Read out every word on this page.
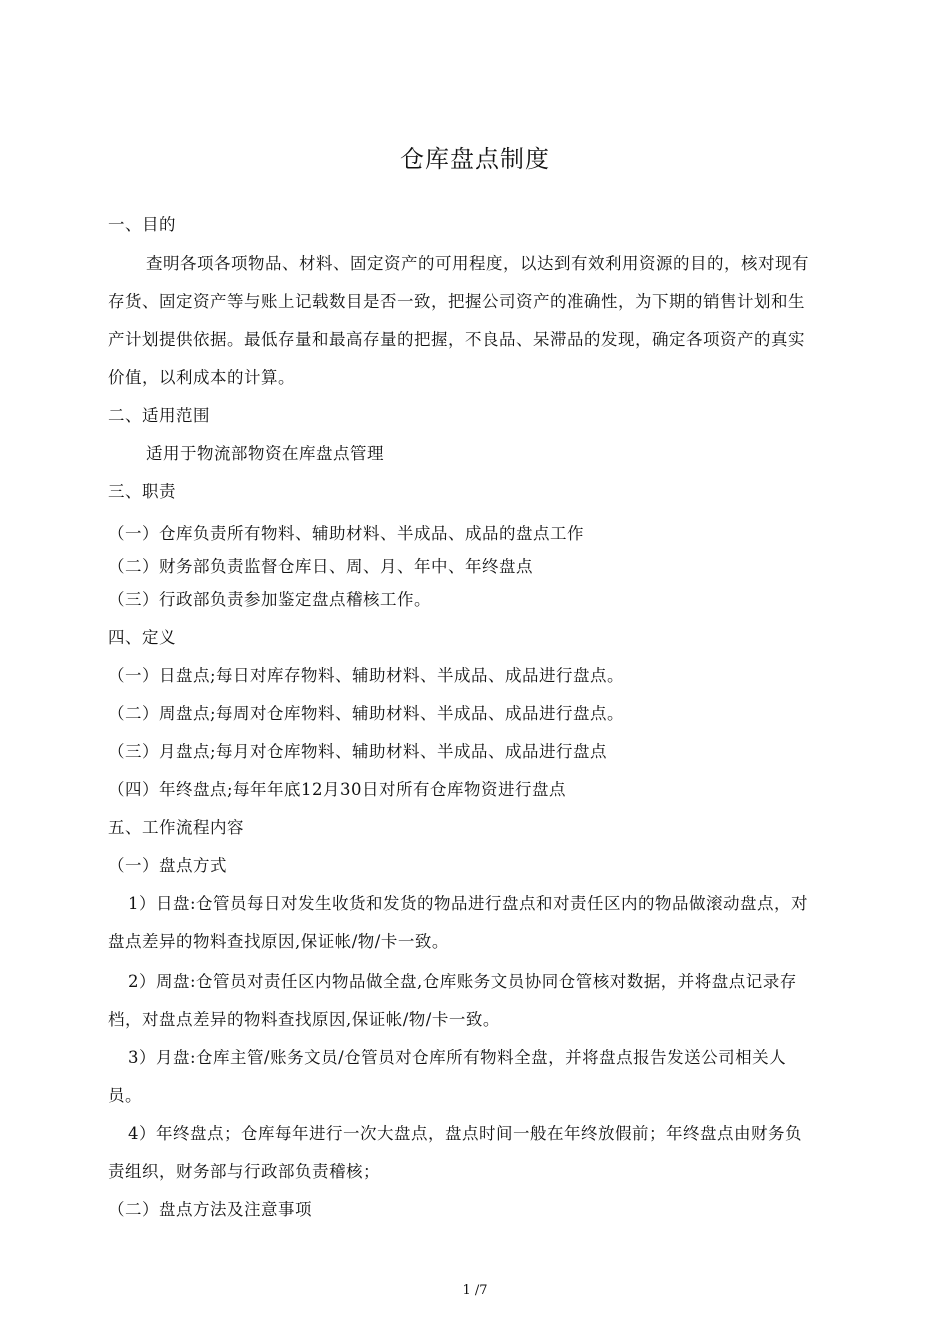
仓库盘点制度
一、目的
查明各项各项物品、材料、固定资产的可用程度，以达到有效利用资源的目的，核对现有
存货、固定资产等与账上记载数目是否一致，把握公司资产的准确性，为下期的销售计划和生
产计划提供依据。最低存量和最高存量的把握，不良品、呆滞品的发现，确定各项资产的真实
价值，以利成本的计算。
二、适用范围
适用于物流部物资在库盘点管理
三、职责
（一）仓库负责所有物料、辅助材料、半成品、成品的盘点工作
（二）财务部负责监督仓库日、周、月、年中、年终盘点
（三）行政部负责参加鉴定盘点稽核工作。
四、定义
（一）日盘点;每日对库存物料、辅助材料、半成品、成品进行盘点。
（二）周盘点;每周对仓库物料、辅助材料、半成品、成品进行盘点。
（三）月盘点;每月对仓库物料、辅助材料、半成品、成品进行盘点
（四）年终盘点;每年年底12月30日对所有仓库物资进行盘点
五、工作流程内容
（一）盘点方式
1）日盘:仓管员每日对发生收货和发货的物品进行盘点和对责任区内的物品做滚动盘点，对
盘点差异的物料查找原因,保证帐/物/卡一致。
2）周盘:仓管员对责任区内物品做全盘,仓库账务文员协同仓管核对数据，并将盘点记录存
档，对盘点差异的物料查找原因,保证帐/物/卡一致。
3）月盘:仓库主管/账务文员/仓管员对仓库所有物料全盘，并将盘点报告发送公司相关人
员。
4）年终盘点；仓库每年进行一次大盘点，盘点时间一般在年终放假前；年终盘点由财务负
责组织，财务部与行政部负责稽核；
（二）盘点方法及注意事项
1 /7
